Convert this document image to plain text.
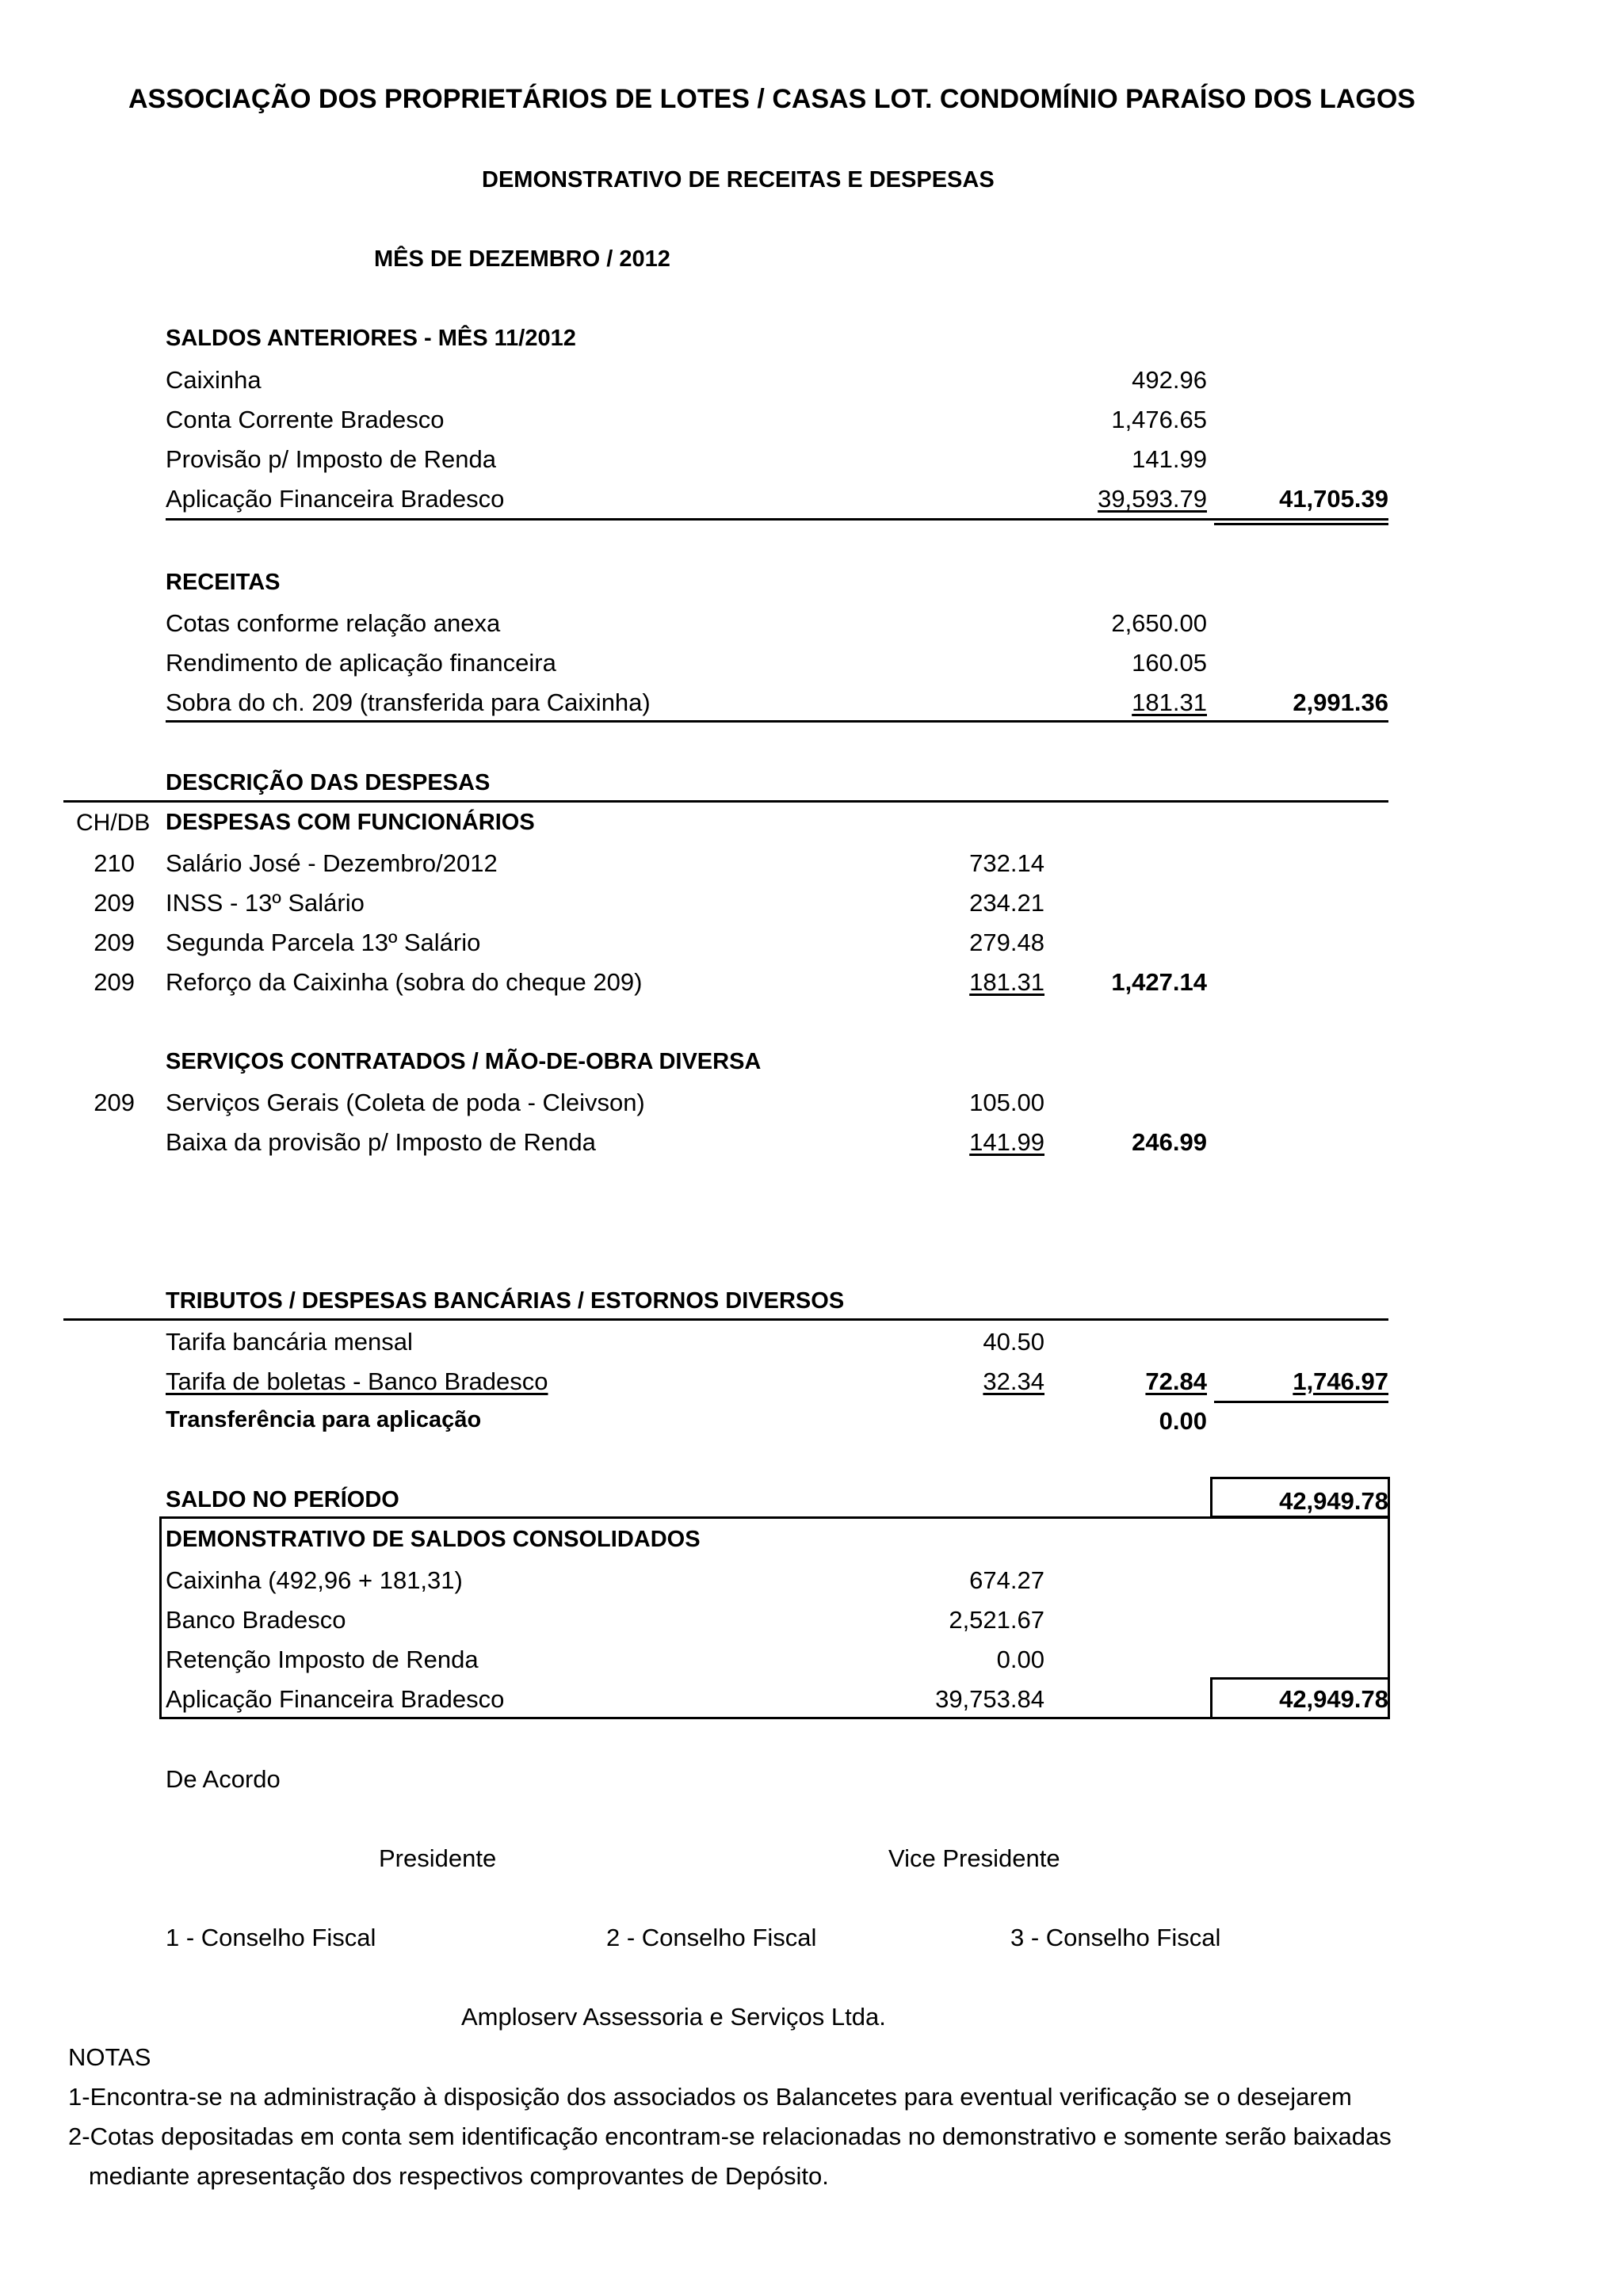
ASSOCIAÇÃO DOS PROPRIETÁRIOS DE LOTES / CASAS LOT. CONDOMÍNIO PARAÍSO DOS LAGOS
DEMONSTRATIVO DE RECEITAS E DESPESAS
MÊS DE DEZEMBRO / 2012
SALDOS ANTERIORES - MÊS 11/2012
Caixinha	492.96
Conta Corrente Bradesco	1,476.65
Provisão p/ Imposto de Renda	141.99
Aplicação Financeira Bradesco	39,593.79	41,705.39
RECEITAS
Cotas conforme relação anexa	2,650.00
Rendimento de aplicação financeira	160.05
Sobra do ch. 209 (transferida para Caixinha)	181.31	2,991.36
DESCRIÇÃO DAS DESPESAS
CH/DB DESPESAS COM FUNCIONÁRIOS
210 Salário José - Dezembro/2012	732.14
209 INSS - 13º Salário	234.21
209 Segunda Parcela 13º Salário	279.48
209 Reforço da Caixinha (sobra do cheque 209)	181.31	1,427.14
SERVIÇOS CONTRATADOS / MÃO-DE-OBRA DIVERSA
209 Serviços Gerais (Coleta de poda - Cleivson)	105.00
Baixa da provisão p/ Imposto de Renda	141.99	246.99
TRIBUTOS / DESPESAS BANCÁRIAS / ESTORNOS DIVERSOS
Tarifa bancária mensal	40.50
Tarifa de boletas - Banco Bradesco	32.34	72.84	1,746.97
Transferência para aplicação	0.00
SALDO NO PERÍODO	42,949.78
DEMONSTRATIVO DE SALDOS CONSOLIDADOS
Caixinha (492,96 + 181,31)	674.27
Banco Bradesco	2,521.67
Retenção Imposto de Renda	0.00
Aplicação Financeira Bradesco	39,753.84	42,949.78
De Acordo
Presidente	Vice Presidente
1 - Conselho Fiscal	2 - Conselho Fiscal	3 - Conselho Fiscal
Amploserv Assessoria e Serviços Ltda.
NOTAS
1-Encontra-se na administração à disposição dos associados os Balancetes para eventual verificação se o desejarem
2-Cotas depositadas em conta sem identificação encontram-se relacionadas no demonstrativo e somente serão baixadas
mediante apresentação dos respectivos comprovantes de Depósito.
